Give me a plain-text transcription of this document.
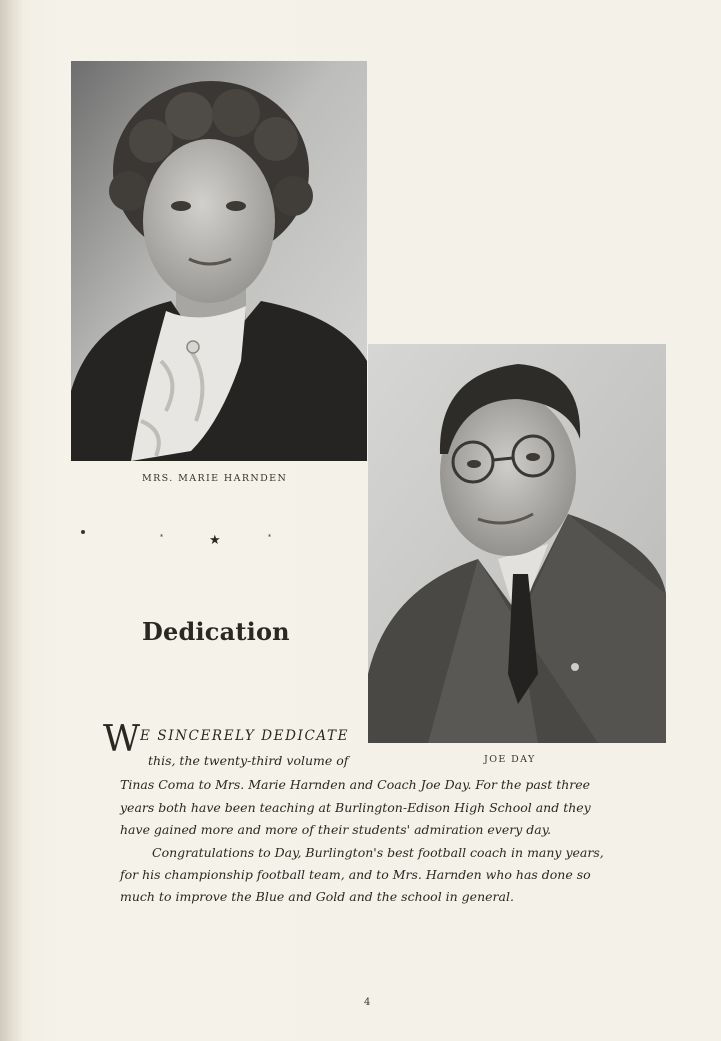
MRS. MARIE HARNDEN
JOE DAY
*	★	*
Dedication
W E SINCERELY DEDICATE
this, the twenty-third volume of
Tinas Coma to Mrs. Marie Harnden and Coach Joe Day. For the past three
years both have been teaching at Burlington-Edison High School and they
have gained more and more of their students' admiration every day.
Congratulations to Day, Burlington's best football coach in many years,
for his championship football team, and to Mrs. Harnden who has done so
much to improve the Blue and Gold and the school in general.
4
